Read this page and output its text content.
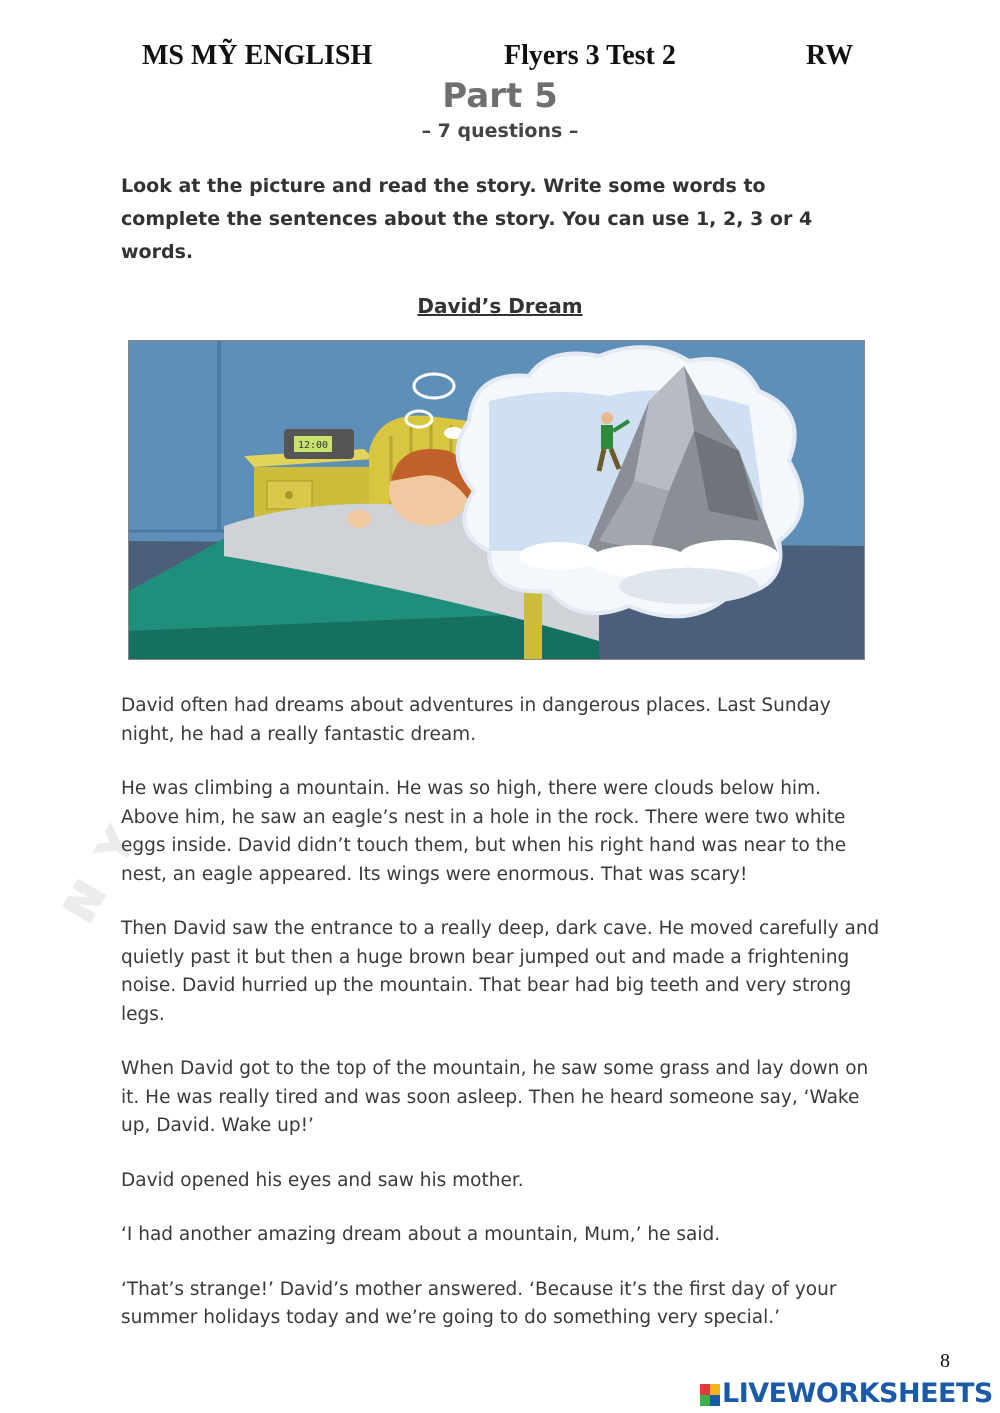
ɴ ʏ
MS MỸ ENGLISH	Flyers 3 Test 2	RW
Part 5
– 7 questions –
Look at the picture and read the story. Write some words to complete the sentences about the story. You can use 1, 2, 3 or 4 words.
David’s Dream
12:00

David often had dreams about adventures in dangerous places. Last Sunday night, he had a really fantastic dream.

He was climbing a mountain. He was so high, there were clouds below him. Above him, he saw an eagle’s nest in a hole in the rock. There were two white eggs inside. David didn’t touch them, but when his right hand was near to the nest, an eagle appeared. Its wings were enormous. That was scary!

Then David saw the entrance to a really deep, dark cave. He moved carefully and quietly past it but then a huge brown bear jumped out and made a frightening noise. David hurried up the mountain. That bear had big teeth and very strong legs.

When David got to the top of the mountain, he saw some grass and lay down on it. He was really tired and was soon asleep. Then he heard someone say, ‘Wake up, David. Wake up!’

David opened his eyes and saw his mother.

‘I had another amazing dream about a mountain, Mum,’ he said.

‘That’s strange!’ David’s mother answered. ‘Because it’s the first day of your summer holidays today and we’re going to do something very special.’

8
LIVEWORKSHEETS
